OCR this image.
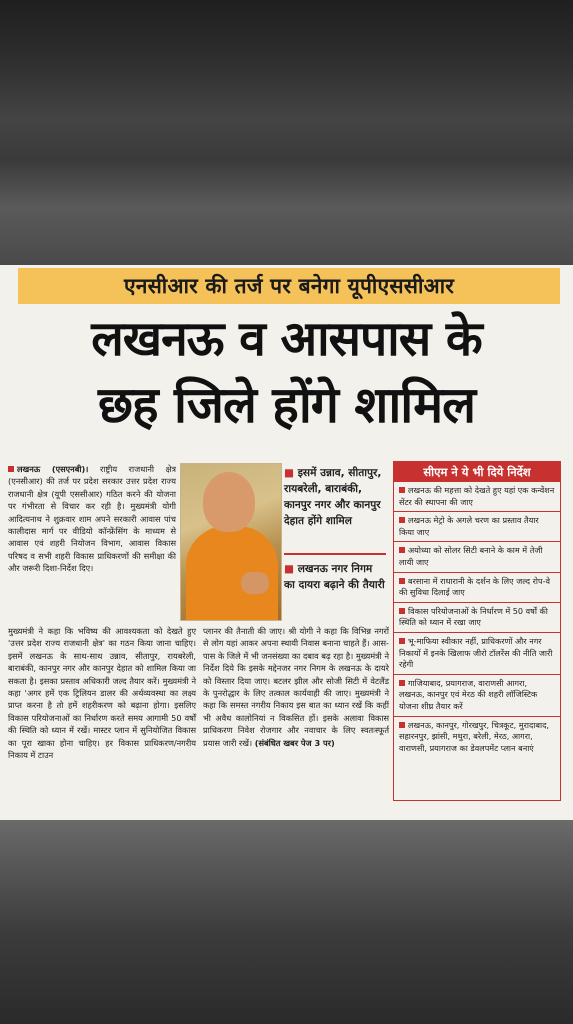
एनसीआर की तर्ज पर बनेगा यूपीएससीआर
लखनऊ व आसपास के
छह जिले होंगे शामिल
लखनऊ (एसएनबी)। राष्ट्रीय राजधानी क्षेत्र (एनसीआर) की तर्ज पर प्रदेश सरकार उत्तर प्रदेश राज्य राजधानी क्षेत्र (यूपी एससीआर) गठित करने की योजना पर गंभीरता से विचार कर रही है। मुख्यमंत्री योगी आदित्यनाथ ने शुक्रवार शाम अपने सरकारी आवास पांच कालीदास मार्ग पर वीडियो कॉन्फ्रेंसिंग के माध्यम से आवास एवं शहरी नियोजन विभाग, आवास विकास परिषद व सभी शहरी विकास प्राधिकरणों की समीक्षा की और जरूरी दिशा-निर्देश दिए।
■ इसमें उन्नाव, सीतापुर, रायबरेली, बाराबंकी, कानपुर नगर और कानपुर देहात होंगे शामिल
■ लखनऊ नगर निगम का दायरा बढ़ाने की तैयारी
मुख्यमंत्री ने कहा कि भविष्य की आवश्यकता को देखते हुए 'उत्तर प्रदेश राज्य राजधानी क्षेत्र' का गठन किया जाना चाहिए। इसमें लखनऊ के साथ-साथ उन्नाव, सीतापुर, रायबरेली, बाराबंकी, कानपुर नगर और कानपुर देहात को शामिल किया जा सकता है। इसका प्रस्ताव अधिकारी जल्द तैयार करें। मुख्यमंत्री ने कहा 'अगर हमें एक ट्रिलियन डालर की अर्थव्यवस्था का लक्ष्य प्राप्त करना है तो हमें शहरीकरण को बढ़ाना होगा। इसलिए विकास परियोजनाओं का निर्धारण करते समय आगामी 50 वर्षों की स्थिति को ध्यान में रखें। मास्टर प्लान में सुनियोजित विकास का पूरा खाका होना चाहिए। हर विकास प्राधिकरण/नगरीय निकाय में टाउन
प्लानर की तैनाती की जाए। श्री योगी ने कहा कि विभिन्न नगरों से लोग यहां आकर अपना स्थायी निवास बनाना चाहते हैं। आस-पास के जिले में भी जनसंख्या का दबाव बढ़ रहा है। मुख्यमंत्री ने निर्देश दिये कि इसके मद्देनजर नगर निगम के लखनऊ के दायरे को विस्तार दिया जाए। बटलर झील और सोजी सिटी में वेटलैंड के पुनरोद्धार के लिए तत्काल कार्यवाही की जाए। मुख्यमंत्री ने कहा कि समस्त नगरीय निकाय इस बात का ध्यान रखें कि कहीं भी अवैध कालोनियां न विकसित हों। इसके अलावा विकास प्राधिकरण निवेश रोजगार और नवाचार के लिए स्वतःस्फूर्त प्रयास जारी रखें। (संबंधित खबर पेज 3 पर)
सीएम ने ये भी दिये निर्देश
लखनऊ की महत्ता को देखते हुए यहां एक कन्वेंशन सेंटर की स्थापना की जाए
लखनऊ मेट्रो के अगले चरण का प्रस्ताव तैयार किया जाए
अयोध्या को सोलर सिटी बनाने के काम में तेजी लायी जाए
बरसाना में राधारानी के दर्शन के लिए जल्द रोप-वे की सुविधा दिलाई जाए
विकास परियोजनाओं के निर्धारण में 50 वर्षों की स्थिति को ध्यान में रखा जाए
भू-माफिया स्वीकार नहीं, प्राधिकरणों और नगर निकायों में इनके खिलाफ जीरो टॉलरेंस की नीति जारी रहेगी
गाजियाबाद, प्रयागराज, वाराणसी आगरा, लखनऊ, कानपुर एवं मेरठ की शहरी लॉजिस्टिक योजना शीघ्र तैयार करें
लखनऊ, कानपुर, गोरखपुर, चित्रकूट, मुरादाबाद, सहारनपुर, झांसी, मथुरा, बरेली, मेरठ, आगरा, वाराणसी, प्रयागराज का डेवलपमेंट प्लान बनाएं
